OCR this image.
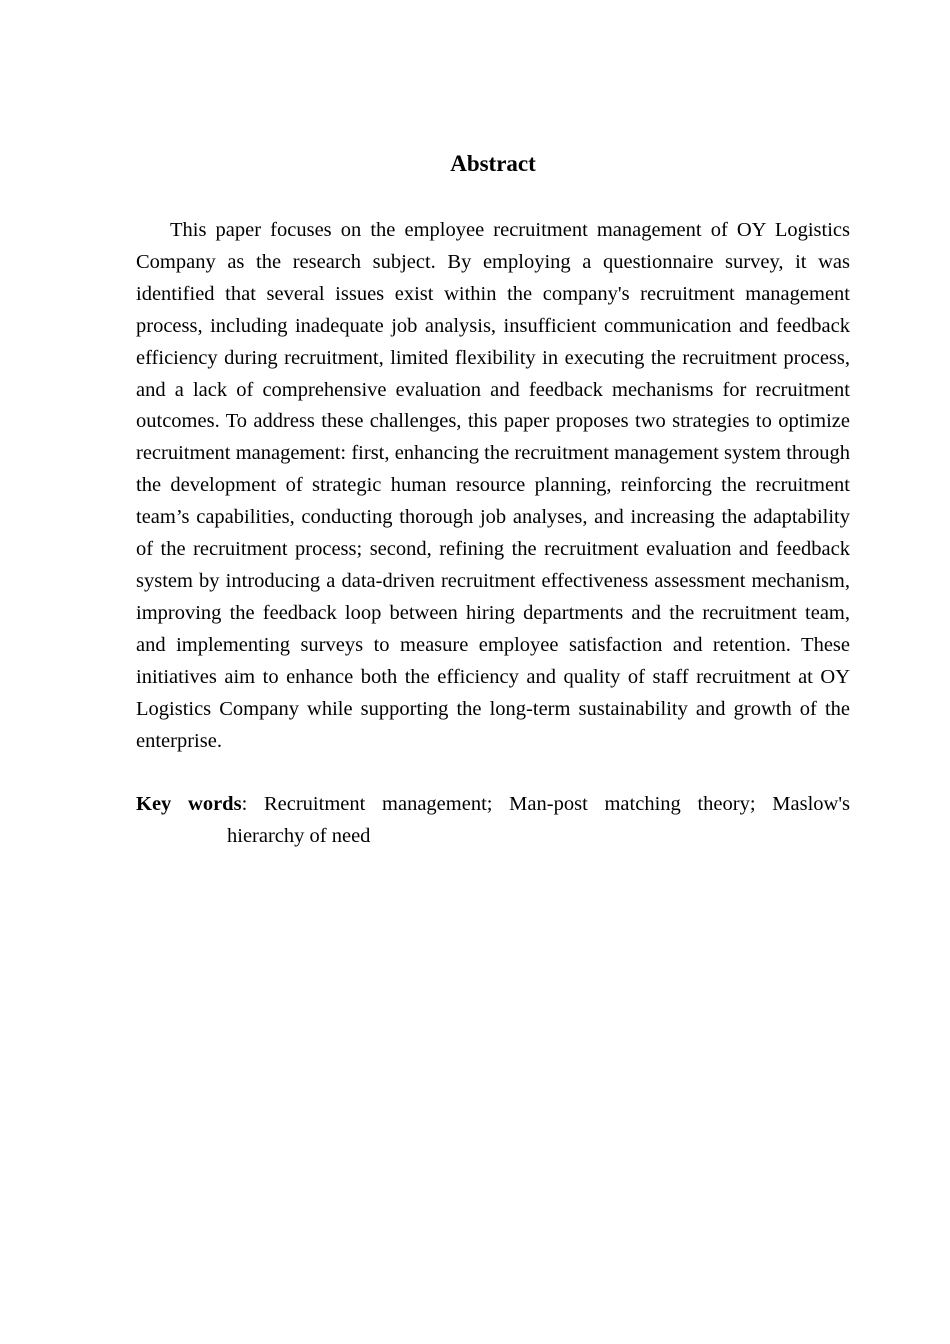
Abstract

This paper focuses on the employee recruitment management of OY Logistics Company as the research subject. By employing a questionnaire survey, it was identified that several issues exist within the company's recruitment management process, including inadequate job analysis, insufficient communication and feedback efficiency during recruitment, limited flexibility in executing the recruitment process, and a lack of comprehensive evaluation and feedback mechanisms for recruitment outcomes. To address these challenges, this paper proposes two strategies to optimize recruitment management: first, enhancing the recruitment management system through the development of strategic human resource planning, reinforcing the recruitment team’s capabilities, conducting thorough job analyses, and increasing the adaptability of the recruitment process; second, refining the recruitment evaluation and feedback system by introducing a data-driven recruitment effectiveness assessment mechanism, improving the feedback loop between hiring departments and the recruitment team, and implementing surveys to measure employee satisfaction and retention. These initiatives aim to enhance both the efficiency and quality of staff recruitment at OY Logistics Company while supporting the long-term sustainability and growth of the enterprise.

Key words: Recruitment management; Man-post matching theory; Maslow's hierarchy of need
